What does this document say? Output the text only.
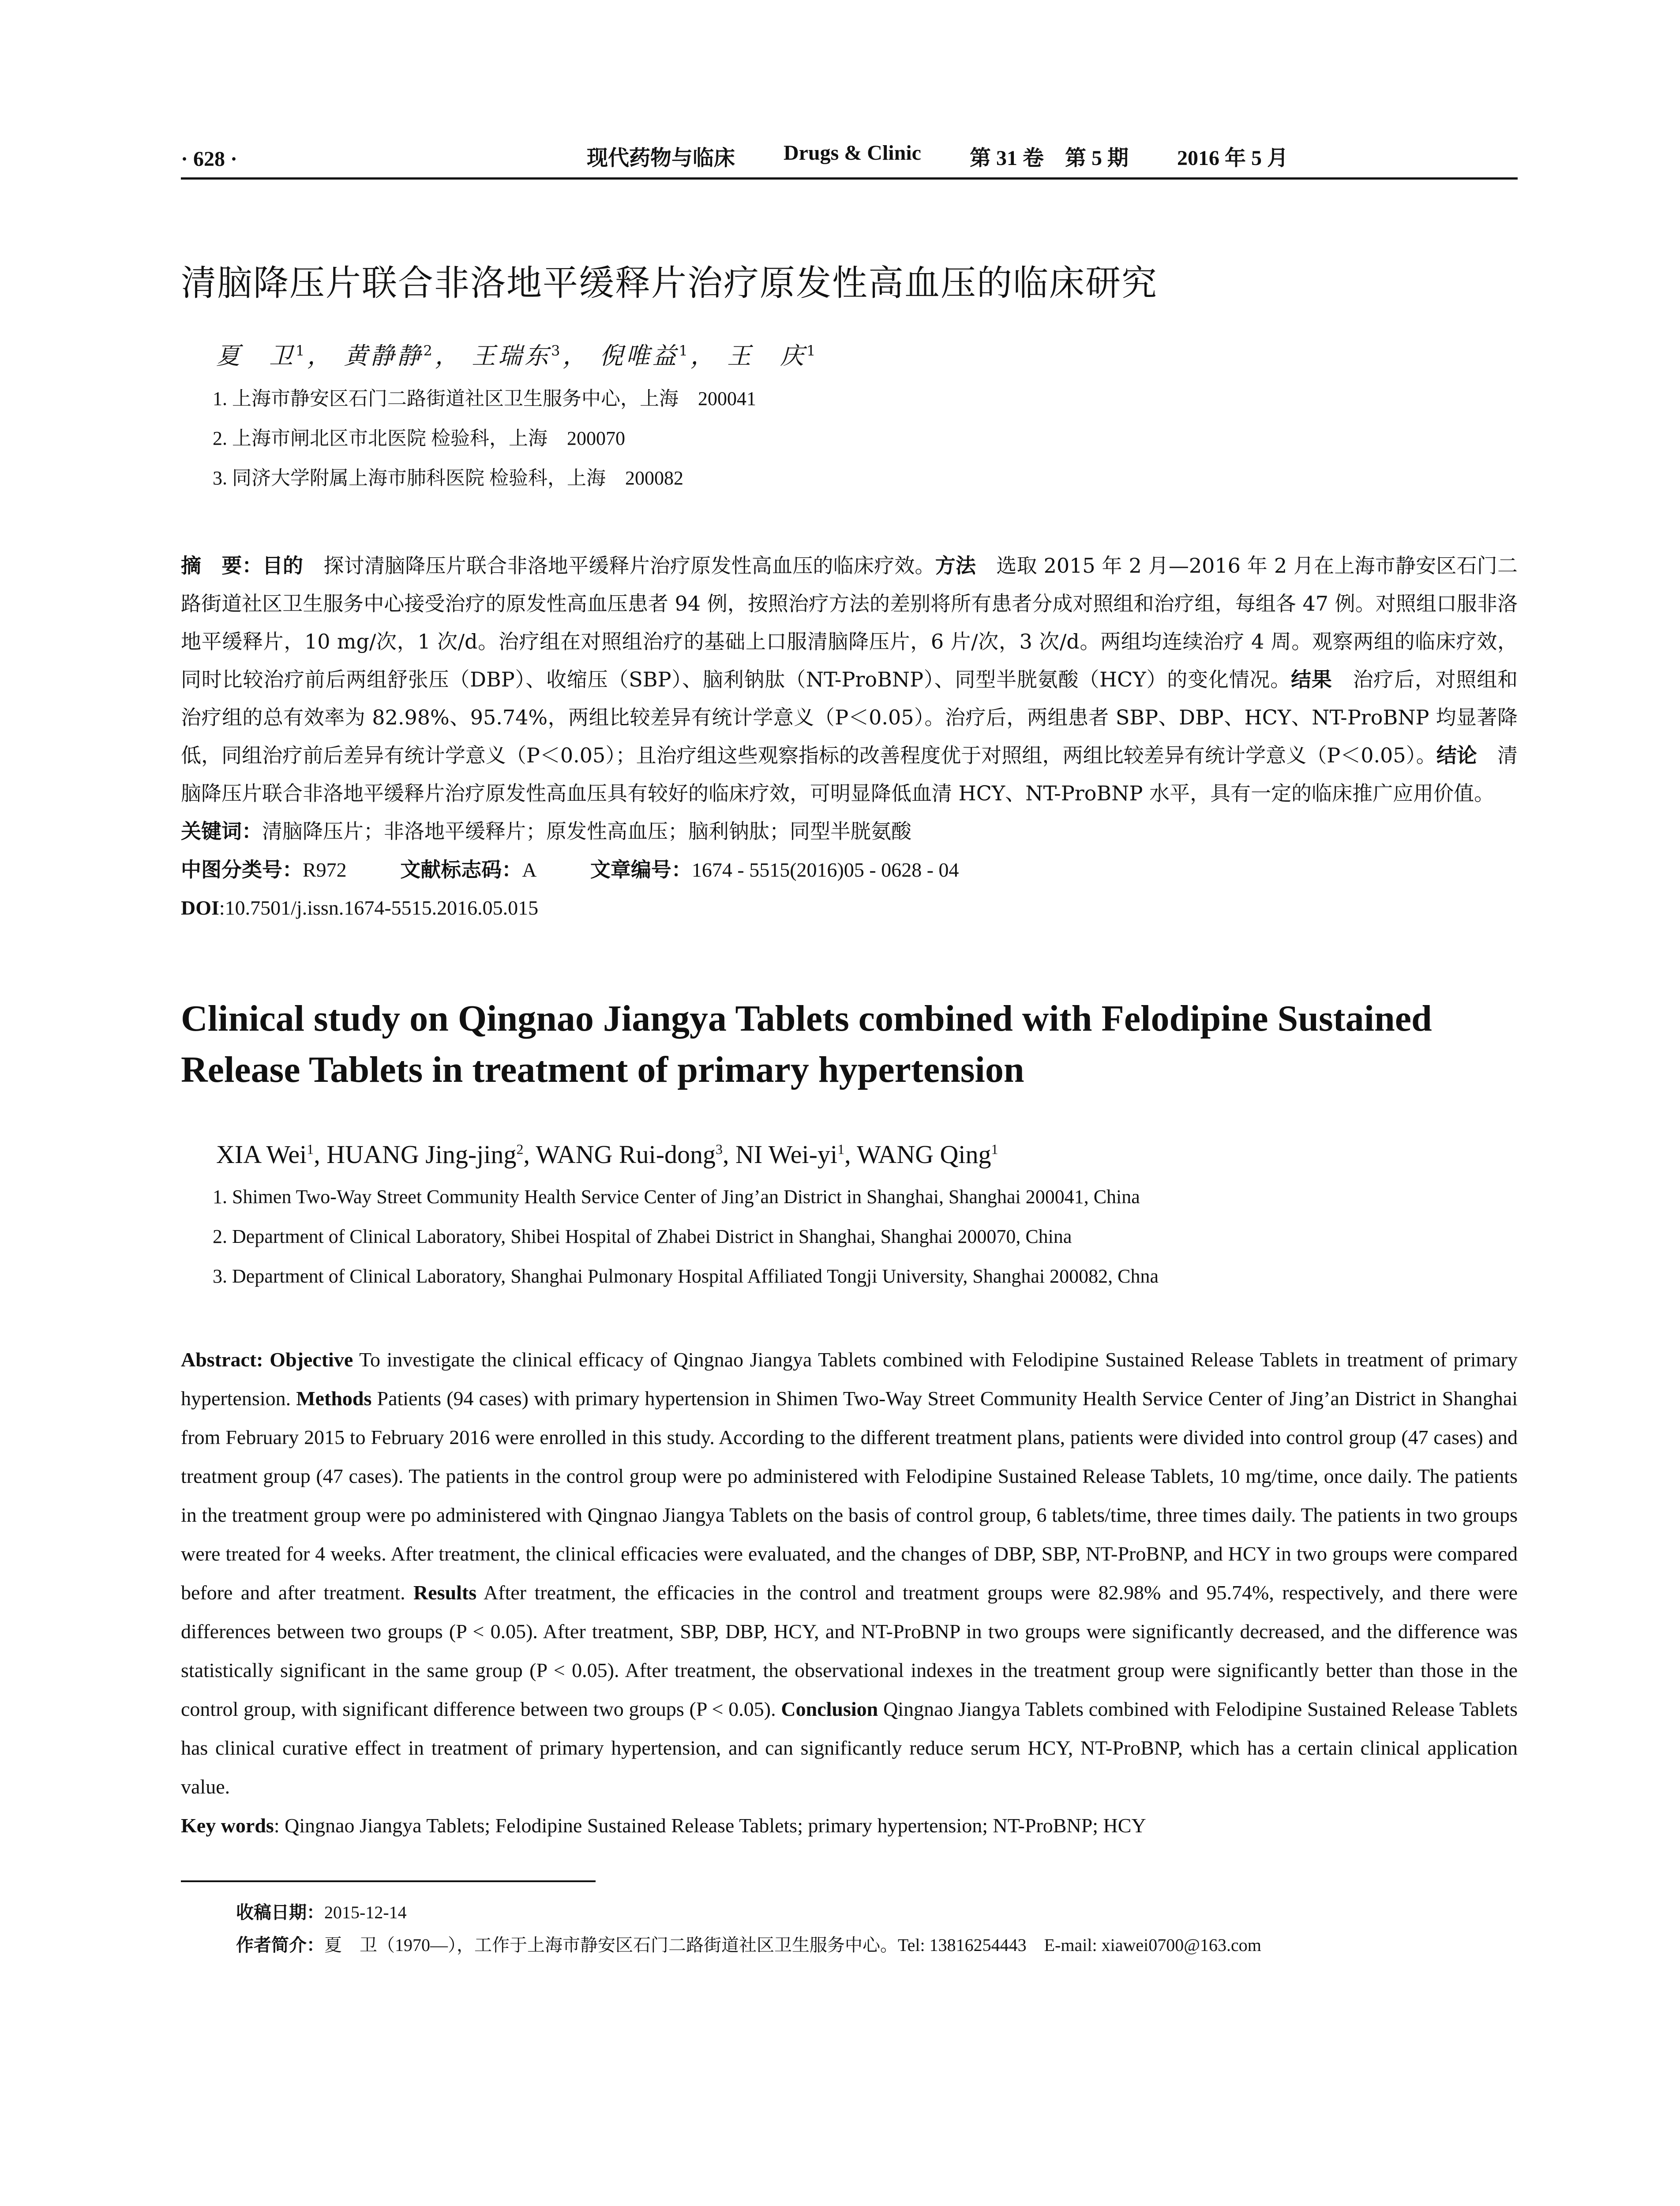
· 628 ·	现代药物与临床 Drugs & Clinic 第 31 卷　第 5 期 2016 年 5 月
清脑降压片联合非洛地平缓释片治疗原发性高血压的临床研究
夏　卫$^1$， 黄静静$^2$， 王瑞东$^3$， 倪唯益$^1$， 王　庆$^1$
1. 上海市静安区石门二路街道社区卫生服务中心，上海　200041
2. 上海市闸北区市北医院 检验科，上海　200070
3. 同济大学附属上海市肺科医院 检验科，上海　200082
摘　要：目的　探讨清脑降压片联合非洛地平缓释片治疗原发性高血压的临床疗效。方法　选取 2015 年 2 月—2016 年 2 月在上海市静安区石门二路街道社区卫生服务中心接受治疗的原发性高血压患者 94 例，按照治疗方法的差别将所有患者分成对照组和治疗组，每组各 47 例。对照组口服非洛地平缓释片，10 mg/次，1 次/d。治疗组在对照组治疗的基础上口服清脑降压片，6 片/次，3 次/d。两组均连续治疗 4 周。观察两组的临床疗效，同时比较治疗前后两组舒张压（DBP）、收缩压（SBP）、脑利钠肽（NT-ProBNP）、同型半胱氨酸（HCY）的变化情况。结果　治疗后，对照组和治疗组的总有效率为 82.98%、95.74%，两组比较差异有统计学意义（P＜0.05）。治疗后，两组患者 SBP、DBP、HCY、NT-ProBNP 均显著降低，同组治疗前后差异有统计学意义（P＜0.05）；且治疗组这些观察指标的改善程度优于对照组，两组比较差异有统计学意义（P＜0.05）。结论　清脑降压片联合非洛地平缓释片治疗原发性高血压具有较好的临床疗效，可明显降低血清 HCY、NT-ProBNP 水平，具有一定的临床推广应用价值。
关键词：清脑降压片；非洛地平缓释片；原发性高血压；脑利钠肽；同型半胱氨酸
中图分类号：R972	文献标志码：A	文章编号：1674 - 5515(2016)05 - 0628 - 04
DOI:10.7501/j.issn.1674-5515.2016.05.015
Clinical study on Qingnao Jiangya Tablets combined with Felodipine Sustained Release Tablets in treatment of primary hypertension
XIA Wei$^1$, HUANG Jing-jing$^2$, WANG Rui-dong$^3$, NI Wei-$yi^1$, WANG Qing$^1$
1. Shimen Two-Way Street Community Health Service Center of Jing’an District in Shanghai, Shanghai 200041, China
2. Department of Clinical Laboratory, Shibei Hospital of Zhabei District in Shanghai, Shanghai 200070, China
3. Department of Clinical Laboratory, Shanghai Pulmonary Hospital Affiliated Tongji University, Shanghai 200082, Chna
Abstract: Objective To investigate the clinical efficacy of Qingnao Jiangya Tablets combined with Felodipine Sustained Release Tablets in treatment of primary hypertension. Methods Patients (94 cases) with primary hypertension in Shimen Two-Way Street Community Health Service Center of Jing’an District in Shanghai from February 2015 to February 2016 were enrolled in this study. According to the different treatment plans, patients were divided into control group (47 cases) and treatment group (47 cases). The patients in the control group were po administered with Felodipine Sustained Release Tablets, 10 mg/time, once daily. The patients in the treatment group were po administered with Qingnao Jiangya Tablets on the basis of control group, 6 tablets/time, three times daily. The patients in two groups were treated for 4 weeks. After treatment, the clinical efficacies were evaluated, and the changes of DBP, SBP, NT-ProBNP, and HCY in two groups were compared before and after treatment. Results After treatment, the efficacies in the control and treatment groups were 82.98% and 95.74%, respectively, and there were differences between two groups (P < 0.05). After treatment, SBP, DBP, HCY, and NT-ProBNP in two groups were significantly decreased, and the difference was statistically significant in the same group (P < 0.05). After treatment, the observational indexes in the treatment group were significantly better than those in the control group, with significant difference between two groups (P < 0.05). Conclusion Qingnao Jiangya Tablets combined with Felodipine Sustained Release Tablets has clinical curative effect in treatment of primary hypertension, and can significantly reduce serum HCY, NT-ProBNP, which has a certain clinical application value.
Key words: Qingnao Jiangya Tablets; Felodipine Sustained Release Tablets; primary hypertension; NT-ProBNP; HCY
收稿日期：2015-12-14
作者简介：夏　卫（1970—），工作于上海市静安区石门二路街道社区卫生服务中心。Tel: 13816254443　E-mail: xiawei0700@163.com
